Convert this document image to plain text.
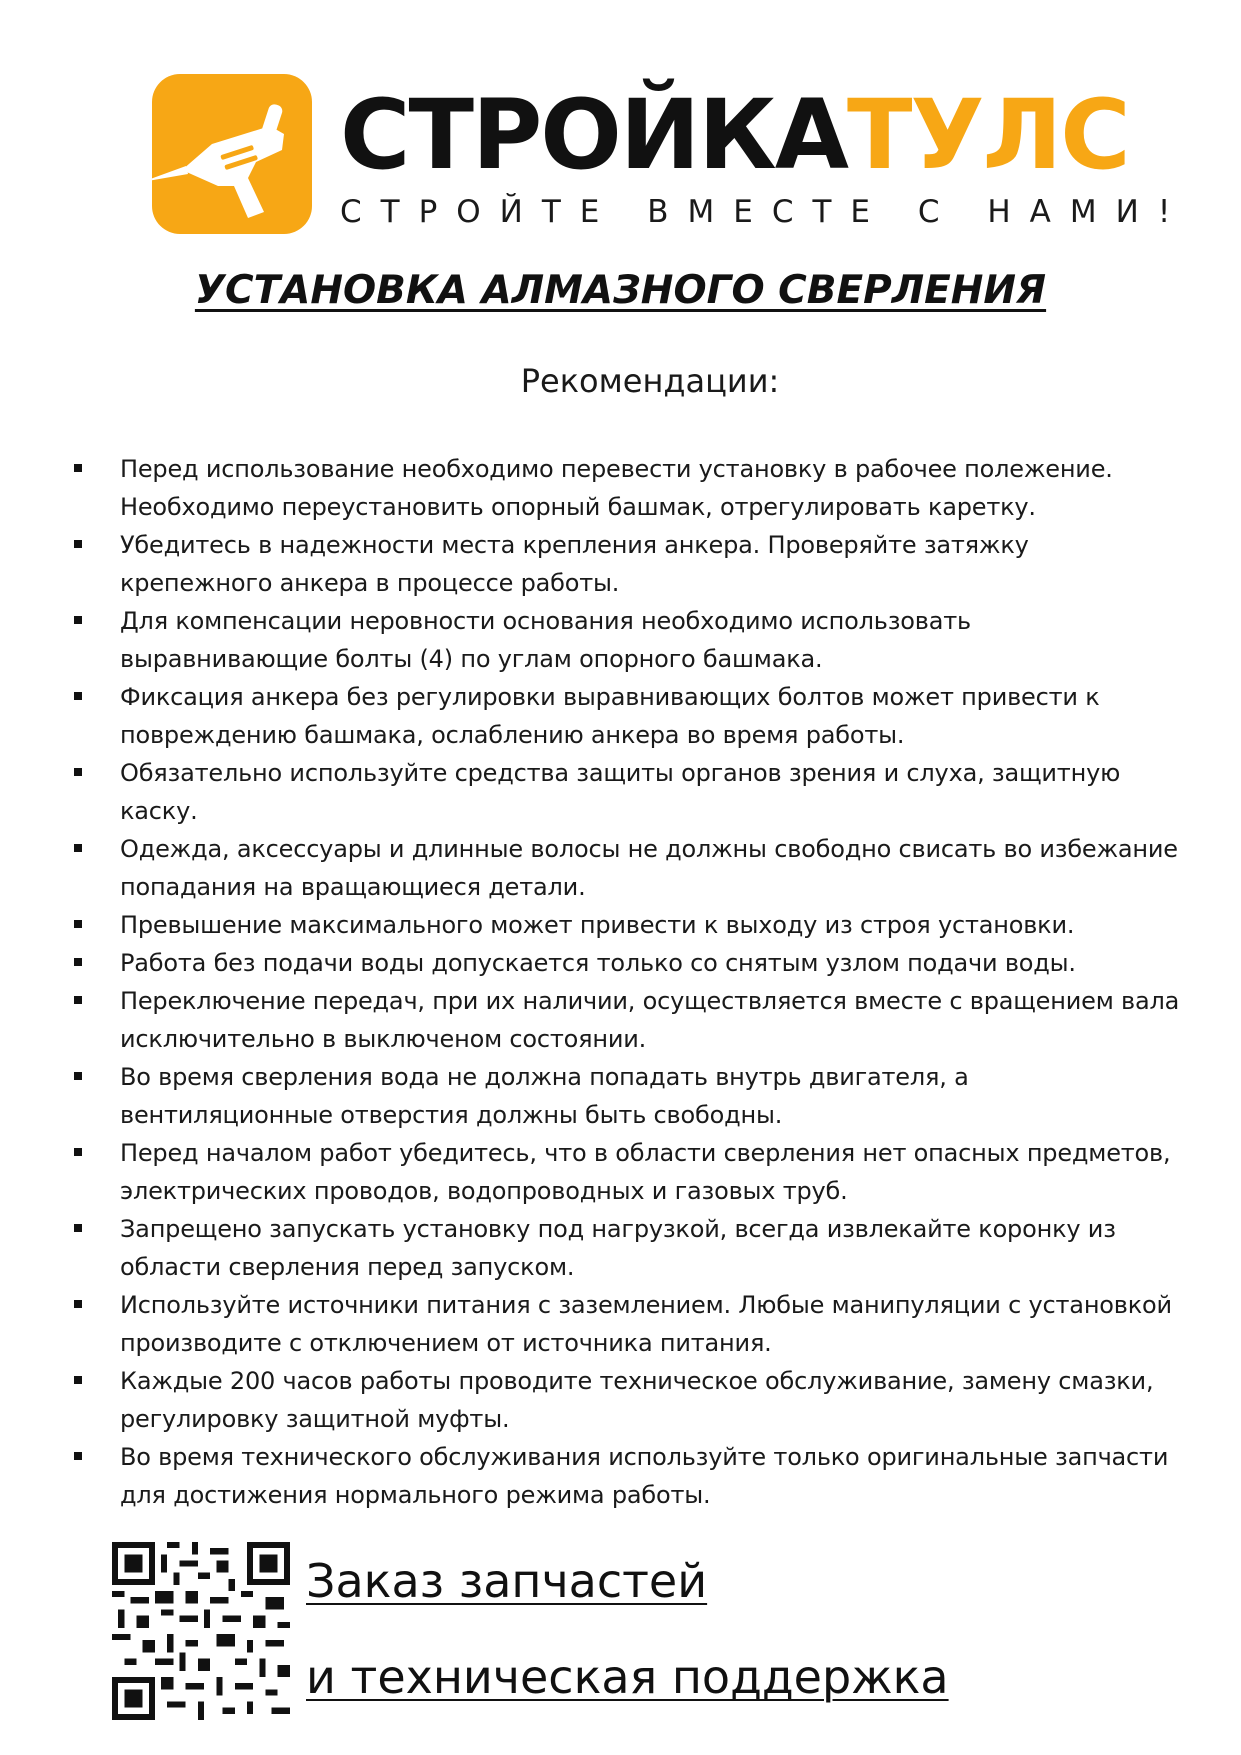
СТРОЙКАТУЛС
СТРОЙТЕ ВМЕСТЕ С НАМИ!
УСТАНОВКА АЛМАЗНОГО СВЕРЛЕНИЯ
Рекомендации:
Перед использование необходимо перевести установку в рабочее полежение. Необходимо переустановить опорный башмак, отрегулировать каретку.
Убедитесь в надежности места крепления анкера. Проверяйте затяжку крепежного анкера в процессе работы.
Для компенсации неровности основания необходимо использовать выравнивающие болты (4) по углам опорного башмака.
Фиксация анкера без регулировки выравнивающих болтов может привести к повреждению башмака, ослаблению анкера во время работы.
Обязательно используйте средства защиты органов зрения и слуха, защитную каску.
Одежда, аксессуары и длинные волосы не должны свободно свисать во избежание попадания на вращающиеся детали.
Превышение максимального может привести к выходу из строя установки.
Работа без подачи воды допускается только со снятым узлом подачи воды.
Переключение передач, при их наличии, осуществляется вместе с вращением вала исключительно в выключеном состоянии.
Во время сверления вода не должна попадать внутрь двигателя, а вентиляционные отверстия должны быть свободны.
Перед началом работ убедитесь, что в области сверления нет опасных предметов, электрических проводов, водопроводных и газовых труб.
Запрещено запускать установку под нагрузкой, всегда извлекайте коронку из области сверления перед запуском.
Используйте источники питания с заземлением. Любые манипуляции с установкой производите с отключением от источника питания.
Каждые 200 часов работы проводите техническое обслуживание, замену смазки, регулировку защитной муфты.
Во время технического обслуживания используйте только оригинальные запчасти для достижения нормального режима работы.
Заказ запчастей
и техническая поддержка
